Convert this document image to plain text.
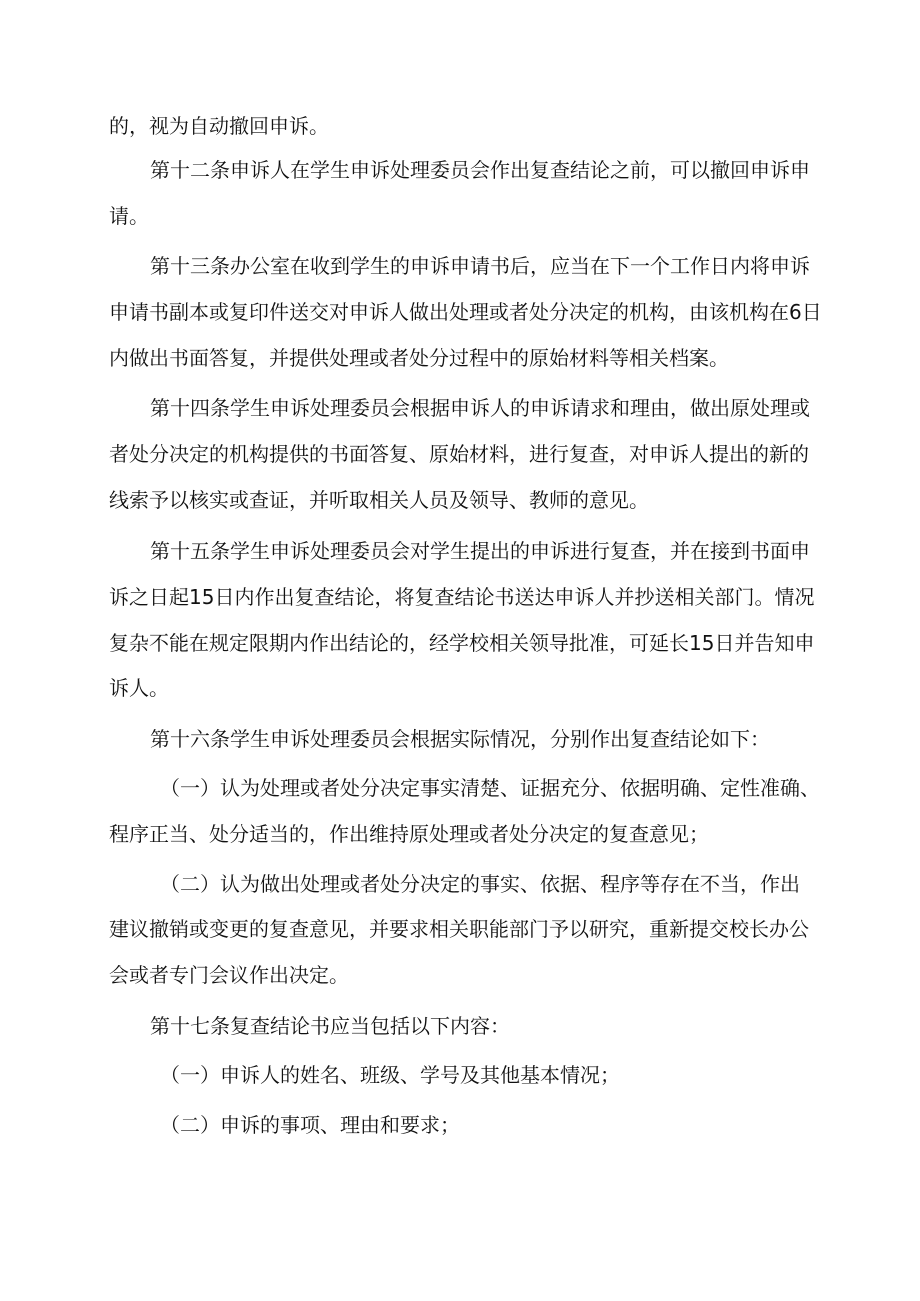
的，视为自动撤回申诉。
第十二条申诉人在学生申诉处理委员会作出复查结论之前，可以撤回申诉申
请。
第十三条办公室在收到学生的申诉申请书后，应当在下一个工作日内将申诉
申请书副本或复印件送交对申诉人做出处理或者处分决定的机构，由该机构在6日
内做出书面答复，并提供处理或者处分过程中的原始材料等相关档案。
第十四条学生申诉处理委员会根据申诉人的申诉请求和理由，做出原处理或
者处分决定的机构提供的书面答复、原始材料，进行复查，对申诉人提出的新的
线索予以核实或查证，并听取相关人员及领导、教师的意见。
第十五条学生申诉处理委员会对学生提出的申诉进行复查，并在接到书面申
诉之日起15日内作出复查结论，将复查结论书送达申诉人并抄送相关部门。情况
复杂不能在规定限期内作出结论的，经学校相关领导批准，可延长15日并告知申
诉人。
第十六条学生申诉处理委员会根据实际情况，分别作出复查结论如下：
（一）认为处理或者处分决定事实清楚、证据充分、依据明确、定性准确、
程序正当、处分适当的，作出维持原处理或者处分决定的复查意见；
（二）认为做出处理或者处分决定的事实、依据、程序等存在不当，作出
建议撤销或变更的复查意见，并要求相关职能部门予以研究，重新提交校长办公
会或者专门会议作出决定。
第十七条复查结论书应当包括以下内容：
（一）申诉人的姓名、班级、学号及其他基本情况；
（二）申诉的事项、理由和要求；
